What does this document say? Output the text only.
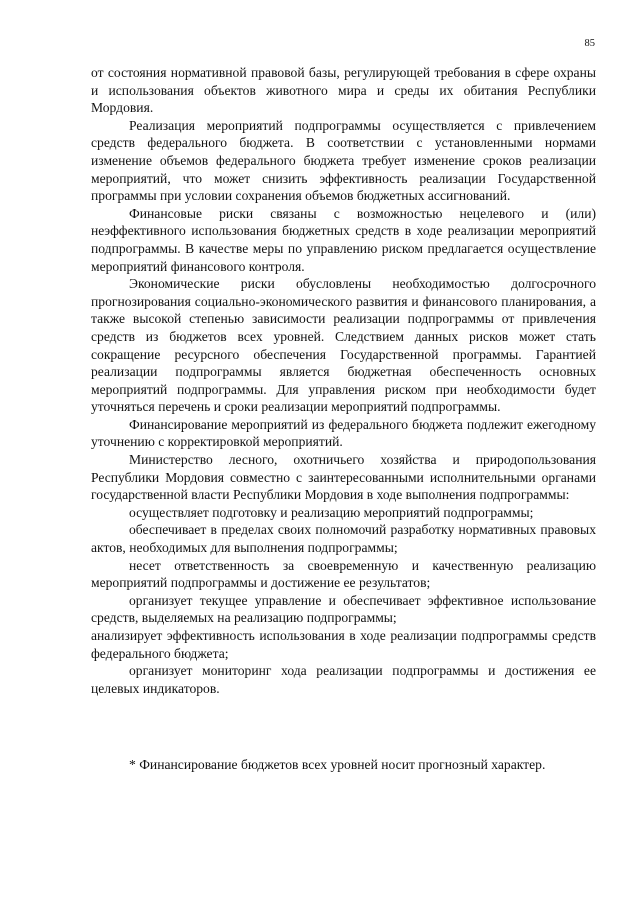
85

от состояния нормативной правовой базы, регулирующей требования в сфере охраны и использования объектов животного мира и среды их обитания Республики Мордовия.

Реализация мероприятий подпрограммы осуществляется с привлечением средств федерального бюджета. В соответствии с установленными нормами изменение объемов федерального бюджета требует изменение сроков реализации мероприятий, что может снизить эффективность реализации Государственной программы при условии сохранения объемов бюджетных ассигнований.

Финансовые риски связаны с возможностью нецелевого и (или) неэффективного использования бюджетных средств в ходе реализации мероприятий подпрограммы. В качестве меры по управлению риском предлагается осуществление мероприятий финансового контроля.

Экономические риски обусловлены необходимостью долгосрочного прогнозирования социально-экономического развития и финансового планирования, а также высокой степенью зависимости реализации подпрограммы от привлечения средств из бюджетов всех уровней. Следствием данных рисков может стать сокращение ресурсного обеспечения Государственной программы. Гарантией реализации подпрограммы является бюджетная обеспеченность основных мероприятий подпрограммы. Для управления риском при необходимости будет уточняться перечень и сроки реализации мероприятий подпрограммы.

Финансирование мероприятий из федерального бюджета подлежит ежегодному уточнению с корректировкой мероприятий.

Министерство лесного, охотничьего хозяйства и природопользования Республики Мордовия совместно с заинтересованными исполнительными органами государственной власти Республики Мордовия в ходе выполнения подпрограммы:

осуществляет подготовку и реализацию мероприятий подпрограммы;

обеспечивает в пределах своих полномочий разработку нормативных правовых актов, необходимых для выполнения подпрограммы;

несет ответственность за своевременную и качественную реализацию мероприятий подпрограммы и достижение ее результатов;

организует текущее управление и обеспечивает эффективное использование средств, выделяемых на реализацию подпрограммы;

анализирует эффективность использования в ходе реализации подпрограммы средств федерального бюджета;

организует мониторинг хода реализации подпрограммы и достижения ее целевых индикаторов.

* Финансирование бюджетов всех уровней носит прогнозный характер.
